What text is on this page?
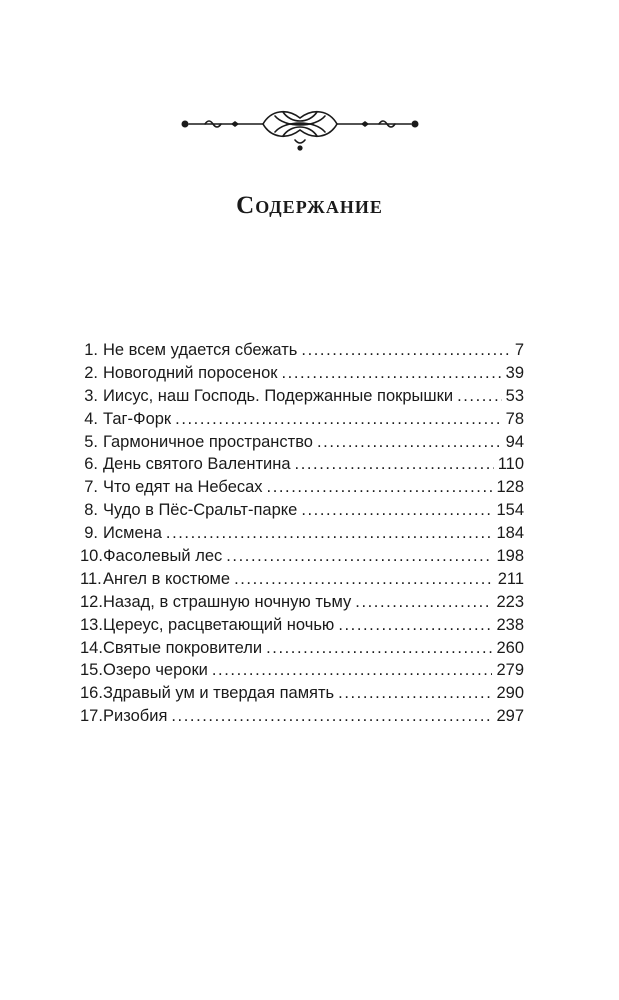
Содержание
1. Не всем удается сбежать . . .	7
2. Новогодний поросенок . . .	39
3. Иисус, наш Господь. Подержанные покрышки . . .	53
4. Таг-Форк . . .	78
5. Гармоничное пространство . . .	94
6. День святого Валентина . . .	110
7. Что едят на Небесах . . .	128
8. Чудо в Пёс-Сральт-парке . . .	154
9. Исмена . . .	184
10. Фасолевый лес . . .	198
11. Ангел в костюме . . .	211
12. Назад, в страшную ночную тьму . . .	223
13. Цереус, расцветающий ночью . . .	238
14. Святые покровители . . .	260
15. Озеро чероки . . .	279
16. Здравый ум и твердая память . . .	290
17. Ризобия . . .	297
